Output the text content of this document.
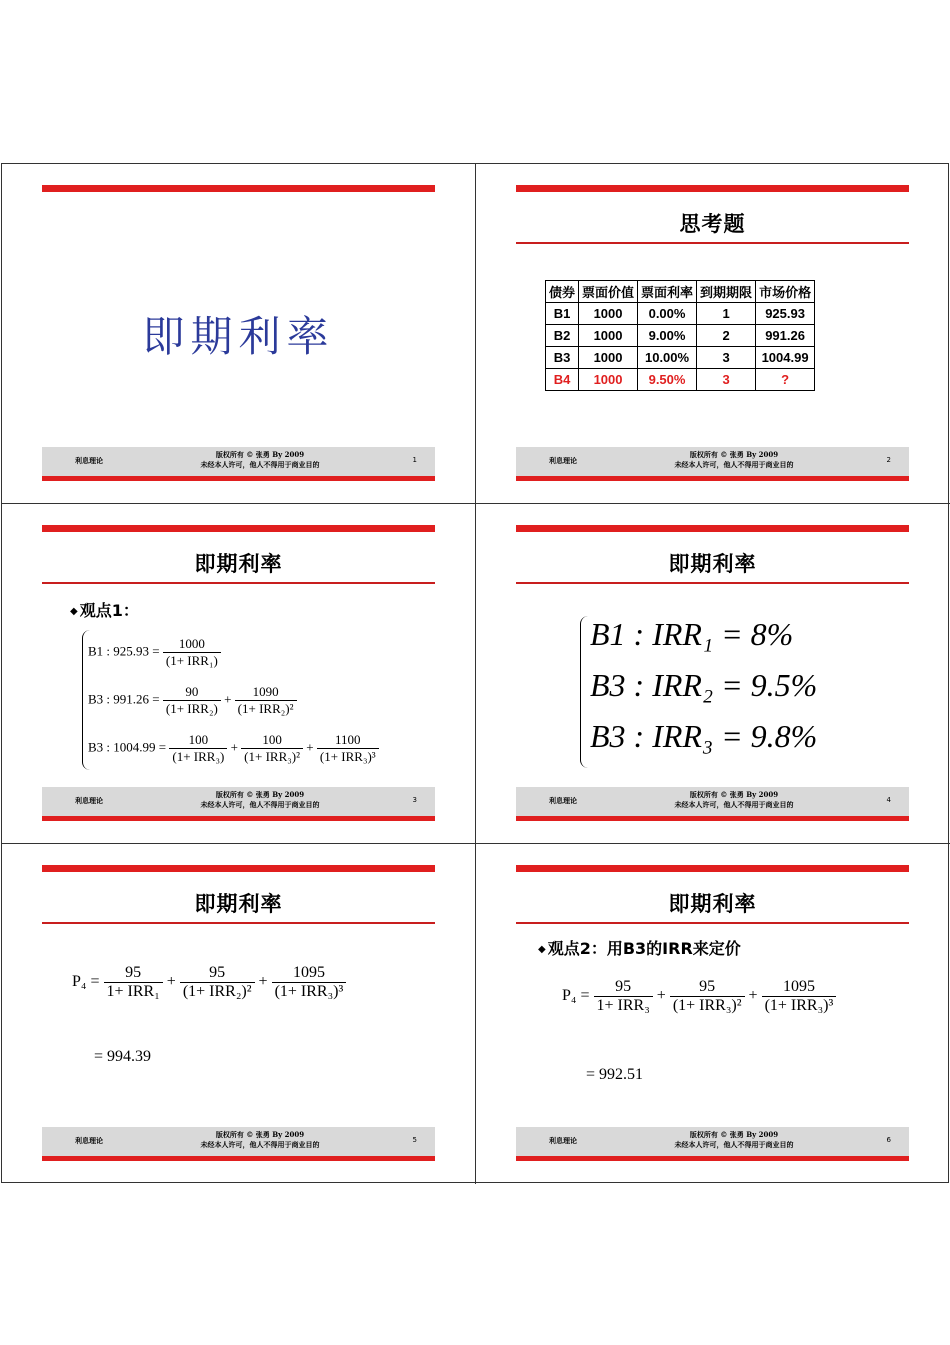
即期利率
利息理论
版权所有 © 张勇 By 2009
未经本人许可，他人不得用于商业目的	1
思考题
债券	票面价值	票面利率	到期期限	市场价格
B1	1000	0.00%	1	925.93
B2	1000	9.00%	2	991.26
B3	1000	10.00%	3	1004.99
B4	1000	9.50%	3	?
利息理论
版权所有 © 张勇 By 2009
未经本人许可，他人不得用于商业目的	2
即期利率
◆ 观点1：
B1 : $925.93 = \frac{1000}{\text{(1+ IRR₁)}}$
B3 : $991.26 = \frac{90}{\text{(1+ IRR₂)}} + \frac{1090}{\text{(1+ IRR₂)²}}$
B3 : $1004.99 = \frac{100}{\text{(1+ IRR₃)}} + \frac{100}{\text{(1+ IRR₃)²}} + \frac{1100}{\text{(1+ IRR₃)³}}$
利息理论
版权所有 © 张勇 By 2009
未经本人许可，他人不得用于商业目的	3
即期利率
B1 : IRR₁ = 8%
B3 : IRR₂ = 9.5%
B3 : IRR₃ = 9.8%
利息理论
版权所有 © 张勇 By 2009
未经本人许可，他人不得用于商业目的	4
即期利率
$P_4 = \frac{95}{\text{1+ IRR₁}} + \frac{95}{\text{(1+ IRR₂)²}} + \frac{1095}{\text{(1+ IRR₃)³}}$
= 994.39
利息理论
版权所有 © 张勇 By 2009
未经本人许可，他人不得用于商业目的	5
即期利率
◆ 观点2：用B3的IRR来定价
$P_4 = \frac{95}{\text{1+ IRR₃}} + \frac{95}{\text{(1+ IRR₃)²}} + \frac{1095}{\text{(1+ IRR₃)³}}$
= 992.51
利息理论
版权所有 © 张勇 By 2009
未经本人许可，他人不得用于商业目的	6
